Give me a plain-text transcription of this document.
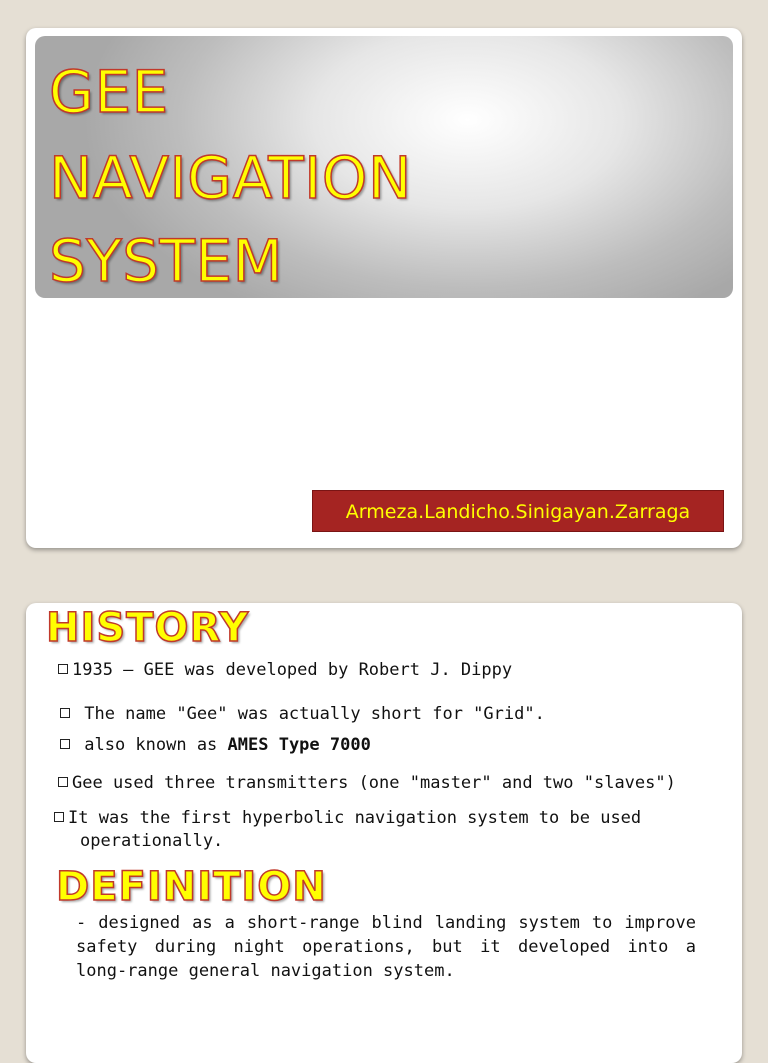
GEE
NAVIGATION
SYSTEM
Armeza.Landicho.Sinigayan.Zarraga
HISTORY

1935 – GEE was developed by Robert J. Dippy

The name "Gee" was actually short for "Grid".

also known as AMES Type 7000

Gee used three transmitters (one "master" and two "slaves")

It was the first hyperbolic navigation system to be used
operationally.

DEFINITION

- designed as a short-range blind landing system to improve safety during night operations, but it developed into a long-range general navigation system.
